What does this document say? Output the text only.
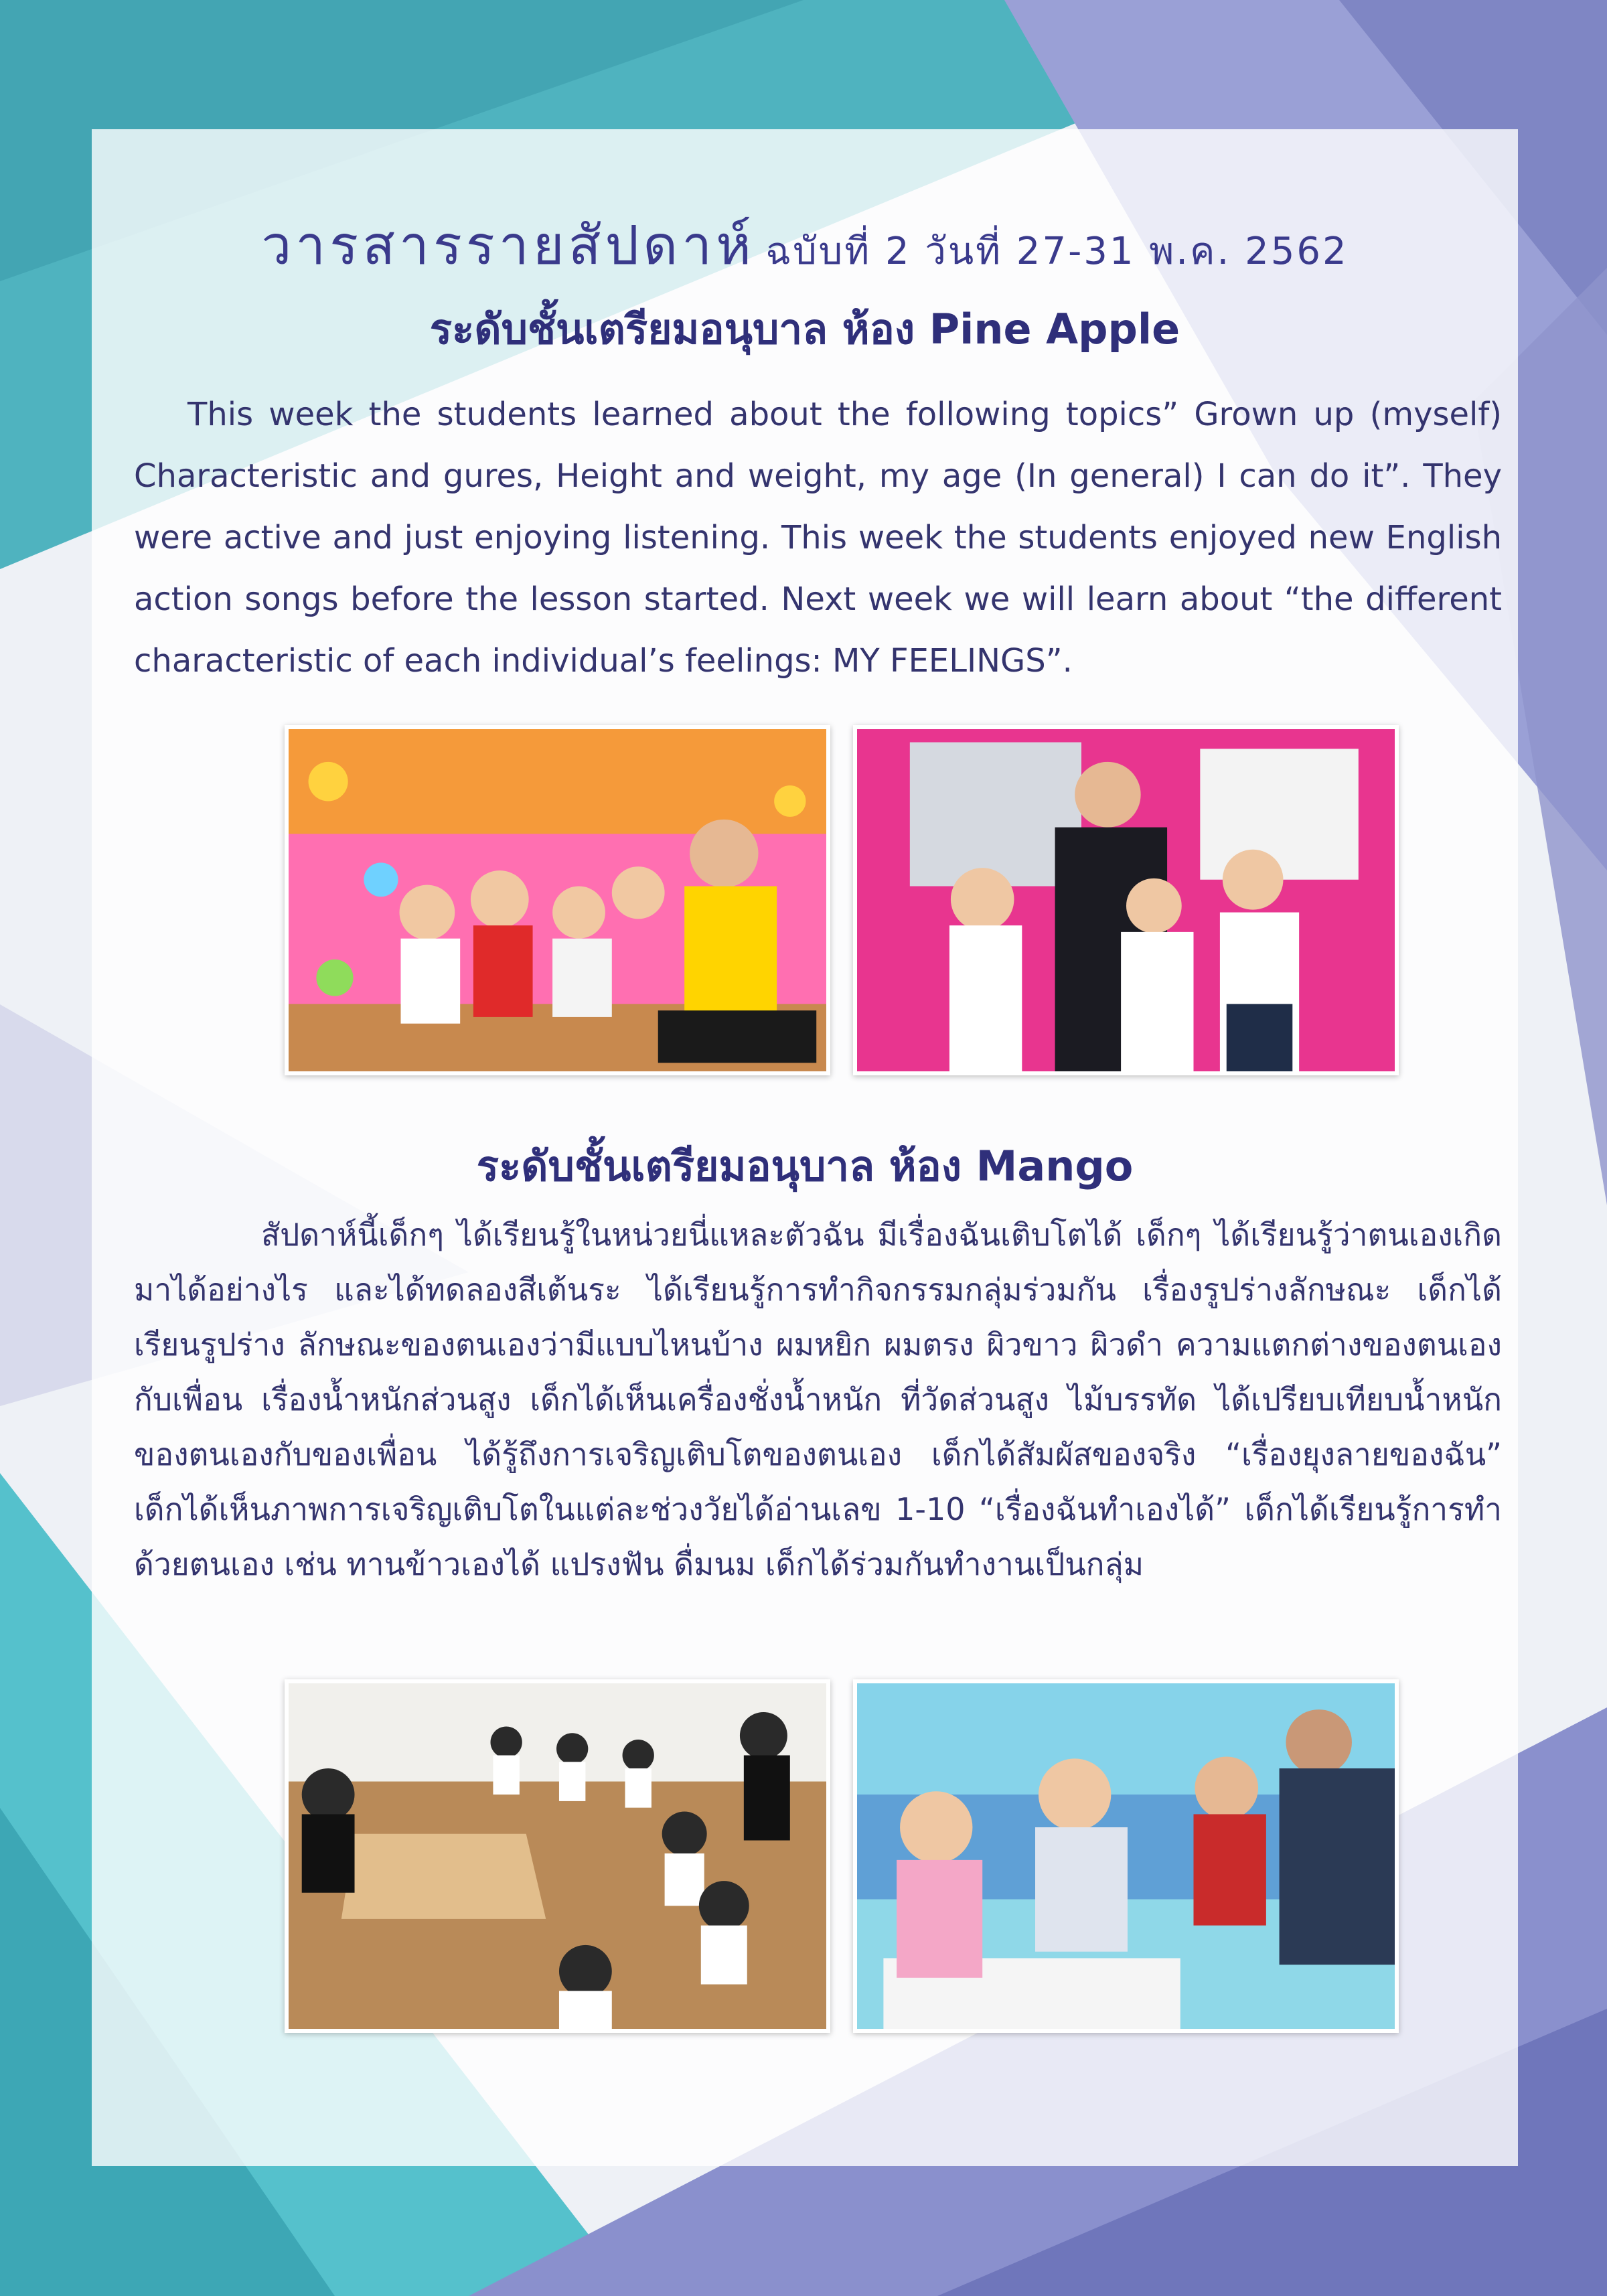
วารสารรายสัปดาห์ ฉบับที่ 2 วันที่ 27-31 พ.ค. 2562
ระดับชั้นเตรียมอนุบาล ห้อง Pine Apple

This week the students learned about the following topics” Grown up (myself) Characteristic and gures, Height and weight, my age (In general) I can do it”. They were active and just enjoying listening. This week the students enjoyed new English action songs before the lesson started. Next week we will learn about “the different characteristic of each individual’s feelings: MY FEELINGS”.

ระดับชั้นเตรียมอนุบาล ห้อง Mango

สัปดาห์นี้เด็กๆ ได้เรียนรู้ในหน่วยนี่แหละตัวฉัน มีเรื่องฉันเติบโตได้ เด็กๆ ได้เรียนรู้ว่าตนเองเกิดมาได้อย่างไร และได้ทดลองสีเต้นระ ได้เรียนรู้การทำกิจกรรมกลุ่มร่วมกัน เรื่องรูปร่างลักษณะ เด็กได้เรียนรูปร่าง ลักษณะของตนเองว่ามีแบบไหนบ้าง ผมหยิก ผมตรง ผิวขาว ผิวดำ ความแตกต่างของตนเองกับเพื่อน เรื่องน้ำหนักส่วนสูง เด็กได้เห็นเครื่องชั่งน้ำหนัก ที่วัดส่วนสูง ไม้บรรทัด ได้เปรียบเทียบน้ำหนักของตนเองกับของเพื่อน ได้รู้ถึงการเจริญเติบโตของตนเอง เด็กได้สัมผัสของจริง “เรื่องยุงลายของฉัน” เด็กได้เห็นภาพการเจริญเติบโตในแต่ละช่วงวัยได้อ่านเลข 1-10 “เรื่องฉันทำเองได้” เด็กได้เรียนรู้การทำด้วยตนเอง เช่น ทานข้าวเองได้ แปรงฟัน ดื่มนม เด็กได้ร่วมกันทำงานเป็นกลุ่ม
